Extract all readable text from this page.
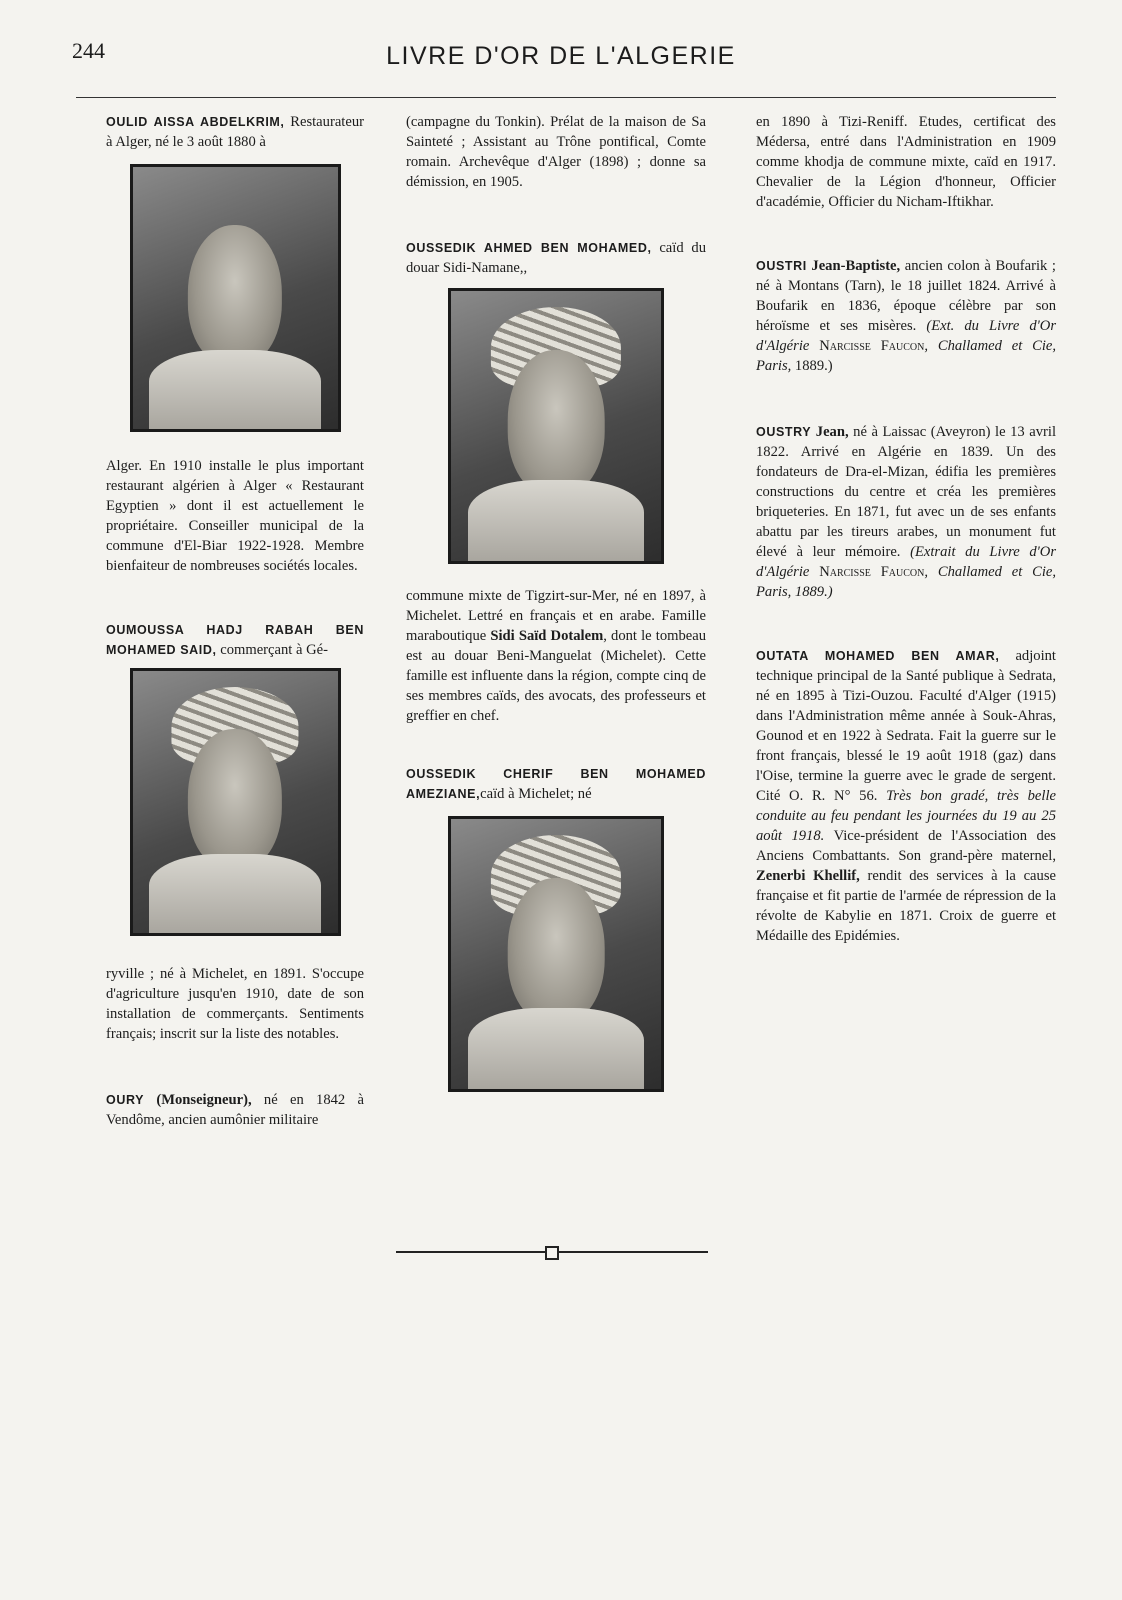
244	LIVRE D'OR DE L'ALGERIE

OULID AISSA ABDELKRIM, Restaurateur à Alger, né le 3 août 1880 à

Alger. En 1910 installe le plus important restaurant algérien à Alger « Restaurant Egyptien » dont il est actuellement le propriétaire. Conseiller municipal de la commune d'El-Biar 1922-1928. Membre bienfaiteur de nombreuses sociétés locales.

OUMOUSSA HADJ RABAH BEN MOHAMED SAID, commerçant à Gé-

ryville ; né à Michelet, en 1891. S'occupe d'agriculture jusqu'en 1910, date de son installation de commerçants. Sentiments français; inscrit sur la liste des notables.

OURY (Monseigneur), né en 1842 à Vendôme, ancien aumônier militaire

(campagne du Tonkin). Prélat de la maison de Sa Sainteté ; Assistant au Trône pontifical, Comte romain. Archevêque d'Alger (1898) ; donne sa démission, en 1905.

OUSSEDIK AHMED BEN MOHAMED, caïd du douar Sidi-Namane,,

commune mixte de Tigzirt-sur-Mer, né en 1897, à Michelet. Lettré en français et en arabe. Famille maraboutique Sidi Saïd Dotalem, dont le tombeau est au douar Beni-Manguelat (Michelet). Cette famille est influente dans la région, compte cinq de ses membres caïds, des avocats, des professeurs et greffier en chef.

OUSSEDIK CHERIF BEN MOHAMED AMEZIANE,caïd à Michelet; né

en 1890 à Tizi-Reniff. Etudes, certificat des Médersa, entré dans l'Administration en 1909 comme khodja de commune mixte, caïd en 1917. Chevalier de la Légion d'honneur, Officier d'académie, Officier du Nicham-Iftikhar.

OUSTRI Jean-Baptiste, ancien colon à Boufarik ; né à Montans (Tarn), le 18 juillet 1824. Arrivé à Boufarik en 1836, époque célèbre par son héroïsme et ses misères. (Ext. du Livre d'Or d'Algérie Narcisse Faucon, Challamed et Cie, Paris, 1889.)

OUSTRY Jean, né à Laissac (Aveyron) le 13 avril 1822. Arrivé en Algérie en 1839. Un des fondateurs de Dra-el-Mizan, édifia les premières constructions du centre et créa les premières briqueteries. En 1871, fut avec un de ses enfants abattu par les tireurs arabes, un monument fut élevé à leur mémoire. (Extrait du Livre d'Or d'Algérie Narcisse Faucon, Challamed et Cie, Paris, 1889.)

OUTATA MOHAMED BEN AMAR, adjoint technique principal de la Santé publique à Sedrata, né en 1895 à Tizi-Ouzou. Faculté d'Alger (1915) dans l'Administration même année à Souk-Ahras, Gounod et en 1922 à Sedrata. Fait la guerre sur le front français, blessé le 19 août 1918 (gaz) dans l'Oise, termine la guerre avec le grade de sergent. Cité O. R. N° 56. Très bon gradé, très belle conduite au feu pendant les journées du 19 au 25 août 1918. Vice-président de l'Association des Anciens Combattants. Son grand-père maternel, Zenerbi Khellif, rendit des services à la cause française et fit partie de l'armée de répression de la révolte de Kabylie en 1871. Croix de guerre et Médaille des Epidémies.
